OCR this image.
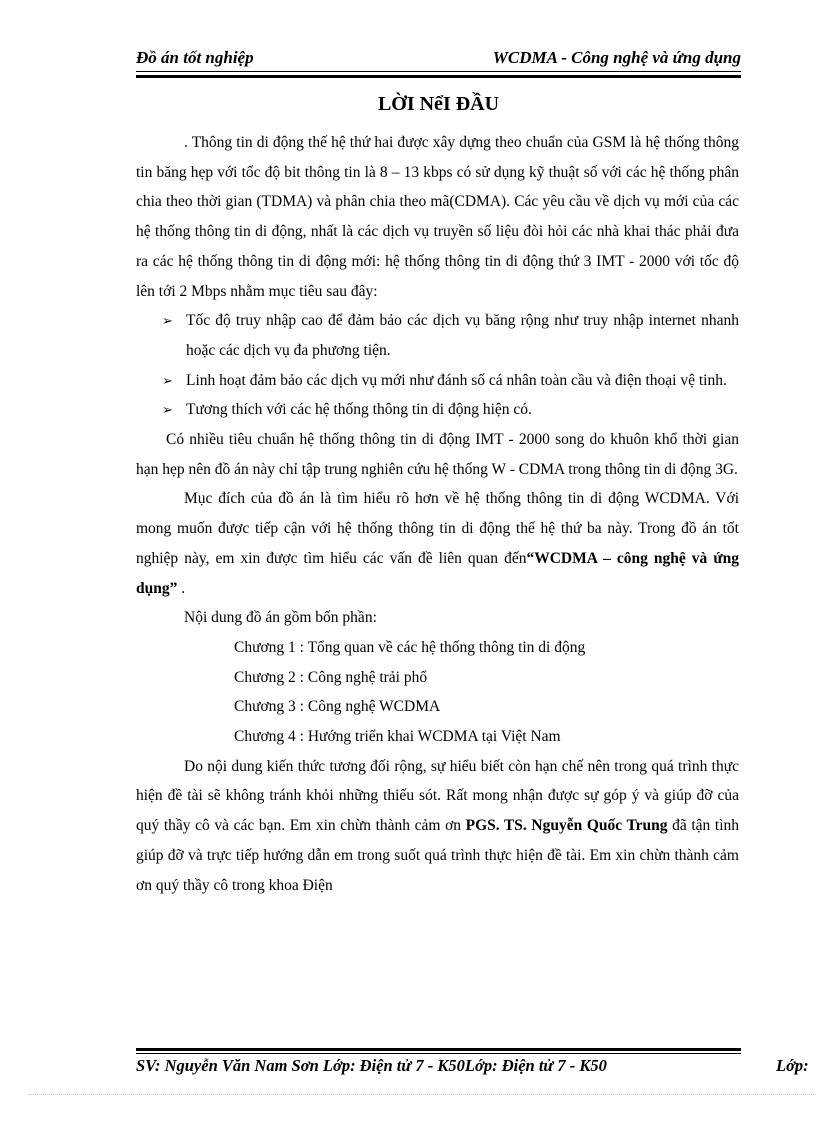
Đồ án tốt nghiệp	WCDMA - Công nghệ và ứng dụng
LỜI NểI ĐẦU

. Thông tin di động thế hệ thứ hai được xây dựng theo chuẩn của GSM là hệ thống thông tin băng hẹp với tốc độ bit thông tin là 8 – 13 kbps có sử dụng kỹ thuật số với các hệ thống phân chia theo thời gian (TDMA) và phân chia theo mã(CDMA). Các yêu cầu về dịch vụ mới của các hệ thống thông tin di động, nhất là các dịch vụ truyền số liệu đòi hỏi các nhà khai thác phải đưa ra các hệ thống thông tin di động mới: hệ thống thông tin di động thứ 3 IMT - 2000 với tốc độ lên tới 2 Mbps nhằm mục tiêu sau đây:

➢ Tốc độ truy nhập cao để đảm bảo các dịch vụ băng rộng như truy nhập internet nhanh hoặc các dịch vụ đa phương tiện.
➢ Linh hoạt đảm bảo các dịch vụ mới như đánh số cá nhân toàn cầu và điện thoại vệ tinh.
➢ Tương thích với các hệ thống thông tin di động hiện có.

Có nhiều tiêu chuẩn hệ thống thông tin di động IMT - 2000 song do khuôn khổ thời gian hạn hẹp nên đồ án này chỉ tập trung nghiên cứu hệ thống W - CDMA trong thông tin di động 3G.

Mục đích của đồ án là tìm hiểu rõ hơn về hệ thống thông tin di động WCDMA. Với mong muốn được tiếp cận với hệ thống thông tin di động thế hệ thứ ba này. Trong đồ án tốt nghiệp này, em xin được tìm hiểu các vấn đề liên quan đến“WCDMA – công nghệ và ứng dụng” .

Nội dung đồ án gồm bốn phần:

Chương 1 : Tổng quan về các hệ thống thông tin di động

Chương 2 : Công nghệ trải phổ

Chương 3 : Công nghệ WCDMA

Chương 4 : Hướng triển khai WCDMA tại Việt Nam

Do nội dung kiến thức tương đối rộng, sự hiểu biết còn hạn chế nên trong quá trình thực hiện đề tài sẽ không tránh khỏi những thiếu sót. Rất mong nhận được sự góp ý và giúp đỡ của quý thầy cô và các bạn. Em xin chừn thành cảm ơn PGS. TS. Nguyễn Quốc Trung đã tận tình giúp đỡ và trực tiếp hướng dẫn em trong suốt quá trình thực hiện đề tài. Em xin chừn thành cảm ơn quý thầy cô trong khoa Điện

SV: Nguyễn Văn Nam Sơn Lớp: Điện tử 7 - K50Lớp: Điện tử 7 - K50	Lớp:
